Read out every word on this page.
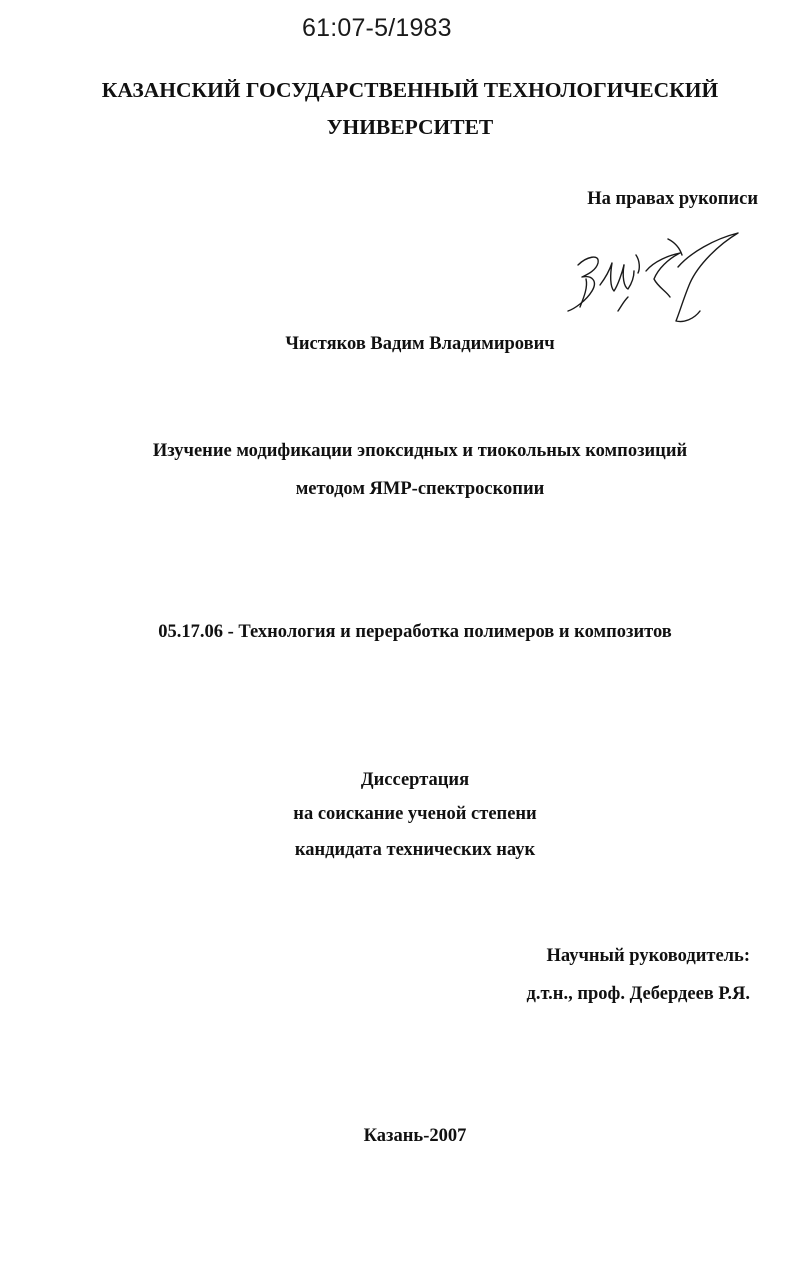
61:07-5/1983
КАЗАНСКИЙ ГОСУДАРСТВЕННЫЙ ТЕХНОЛОГИЧЕСКИЙ
УНИВЕРСИТЕТ
На правах рукописи
Чистяков Вадим Владимирович
Изучение модификации эпоксидных и тиокольных композиций
методом ЯМР-спектроскопии
05.17.06 - Технология и переработка полимеров и композитов
Диссертация
на соискание ученой степени
кандидата технических наук
Научный руководитель:
д.т.н., проф. Дебердеев Р.Я.
Казань-2007
